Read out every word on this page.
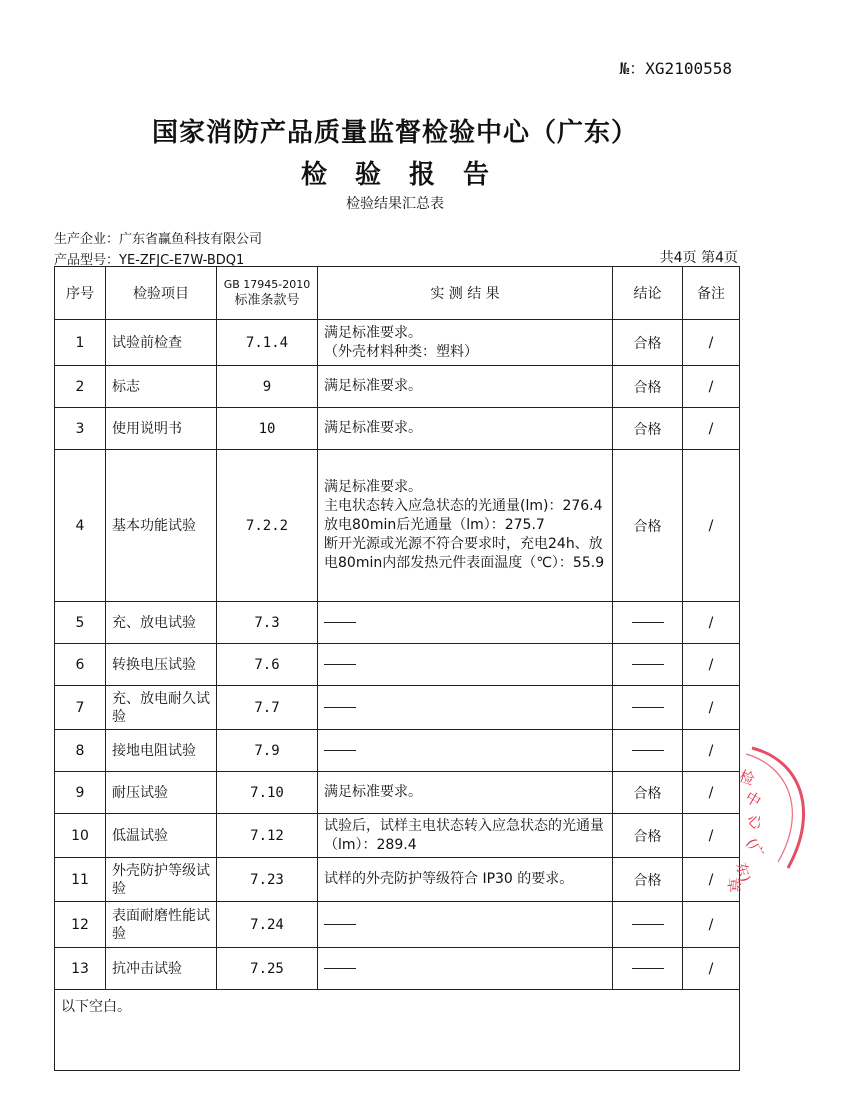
№：XG2100558
国家消防产品质量监督检验中心（广东）
检验报告
检验结果汇总表
生产企业：广东省赢鱼科技有限公司
产品型号：YE-ZFJC-E7W-BDQ1	共4页 第4页
序号	检验项目	GB 17945-2010
标准条款号	实 测 结 果	结论	备注
1	试验前检查	7.1.4	满足标准要求。
（外壳材料种类：塑料）	合格	/
2	标志	9	满足标准要求。	合格	/
3	使用说明书	10	满足标准要求。	合格	/
4	基本功能试验	7.2.2	满足标准要求。
主电状态转入应急状态的光通量(lm)：276.4
放电80min后光通量（lm）：275.7
断开光源或光源不符合要求时，充电24h、放电80min内部发热元件表面温度（℃）：55.9	合格	/
5	充、放电试验	7.3			/
6	转换电压试验	7.6			/
7	充、放电耐久试验	7.7			/
8	接地电阻试验	7.9			/
9	耐压试验	7.10	满足标准要求。	合格	/
10	低温试验	7.12	试验后，试样主电状态转入应急状态的光通量（lm）：289.4	合格	/
11	外壳防护等级试验	7.23	试样的外壳防护等级符合 IP30 的要求。	合格	/
12	表面耐磨性能试验	7.24			/
13	抗冲击试验	7.25			/
以下空白。					
检
中
心
(广
东)
章
